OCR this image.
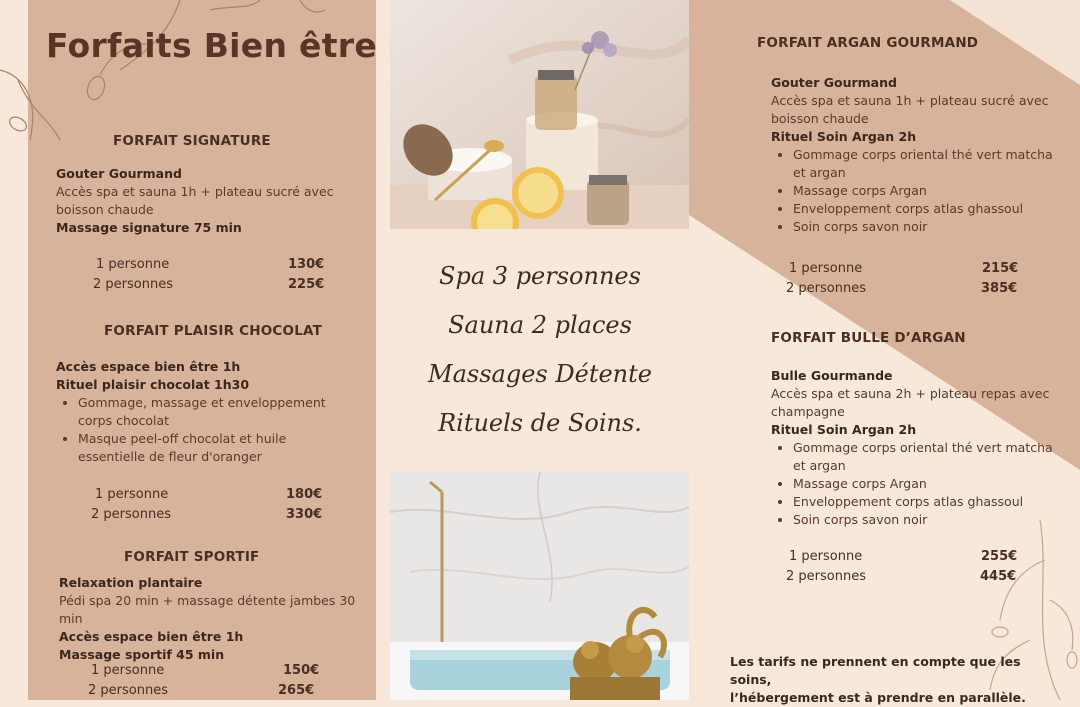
Forfaits Bien être
FORFAIT SIGNATURE
Gouter Gourmand
Accès spa et sauna 1h + plateau sucré avec
boisson chaude
Massage signature 75 min
1 personne	130€
2 personnes	225€
FORFAIT PLAISIR CHOCOLAT
Accès espace bien être 1h
Rituel plaisir chocolat 1h30
• Gommage, massage et enveloppement corps chocolat
• Masque peel-off chocolat et huile essentielle de fleur d'oranger
1 personne	180€
2 personnes	330€
FORFAIT SPORTIF
Relaxation plantaire
Pédi spa 20 min + massage détente jambes 30 min
Accès espace bien être 1h
Massage sportif 45 min
1 personne	150€
2 personnes	265€
Spa 3 personnes
Sauna 2 places
Massages Détente
Rituels de Soins.
FORFAIT ARGAN GOURMAND
Gouter Gourmand
Accès spa et sauna 1h + plateau sucré avec
boisson chaude
Rituel Soin Argan 2h
• Gommage corps oriental thé vert matcha et argan
• Massage corps Argan
• Enveloppement corps atlas ghassoul
• Soin corps savon noir
1 personne	215€
2 personnes	385€
FORFAIT BULLE D’ARGAN
Bulle Gourmande
Accès spa et sauna 2h + plateau repas avec
champagne
Rituel Soin Argan 2h
• Gommage corps oriental thé vert matcha et argan
• Massage corps Argan
• Enveloppement corps atlas ghassoul
• Soin corps savon noir
1 personne	255€
2 personnes	445€
Les tarifs ne prennent en compte que les soins,
l’hébergement est à prendre en parallèle.
